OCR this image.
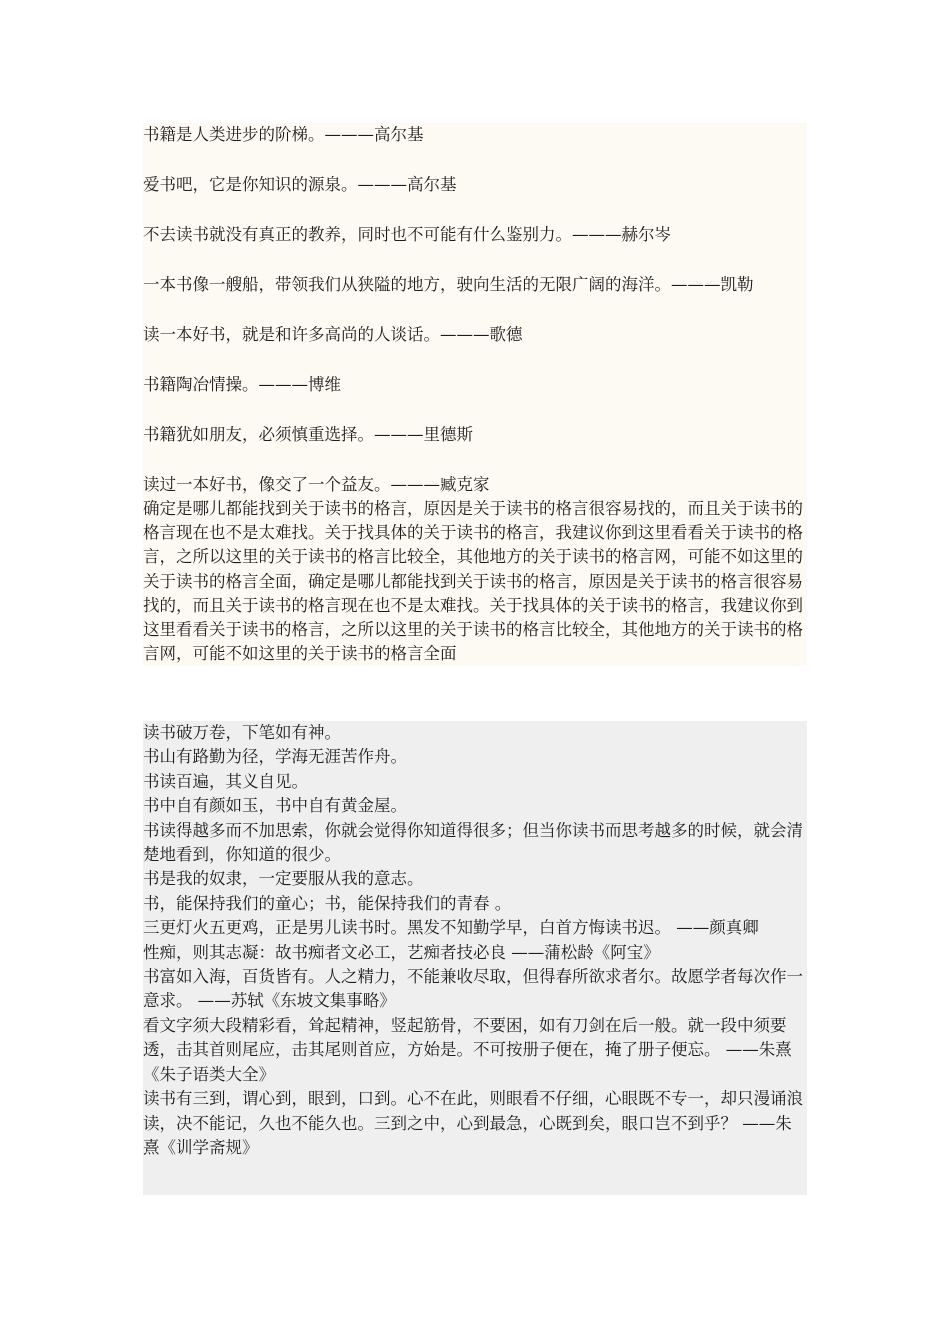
书籍是人类进步的阶梯。———高尔基

爱书吧，它是你知识的源泉。———高尔基

不去读书就没有真正的教养，同时也不可能有什么鉴别力。———赫尔岑

一本书像一艘船，带领我们从狭隘的地方，驶向生活的无限广阔的海洋。———凯勒

读一本好书，就是和许多高尚的人谈话。———歌德

书籍陶冶情操。———博维

书籍犹如朋友，必须慎重选择。———里德斯

读过一本好书，像交了一个益友。———臧克家

确定是哪儿都能找到关于读书的格言，原因是关于读书的格言很容易找的，而且关于读书的格言现在也不是太难找。关于找具体的关于读书的格言，我建议你到这里看看关于读书的格言，之所以这里的关于读书的格言比较全，其他地方的关于读书的格言网，可能不如这里的关于读书的格言全面，确定是哪儿都能找到关于读书的格言，原因是关于读书的格言很容易找的，而且关于读书的格言现在也不是太难找。关于找具体的关于读书的格言，我建议你到这里看看关于读书的格言，之所以这里的关于读书的格言比较全，其他地方的关于读书的格言网，可能不如这里的关于读书的格言全面

读书破万卷，下笔如有神。

书山有路勤为径，学海无涯苦作舟。

书读百遍，其义自见。

书中自有颜如玉，书中自有黄金屋。

书读得越多而不加思索，你就会觉得你知道得很多；但当你读书而思考越多的时候，就会清楚地看到，你知道的很少。

书是我的奴隶，一定要服从我的意志。

书，能保持我们的童心；书，能保持我们的青春 。

三更灯火五更鸡，正是男儿读书时。黑发不知勤学早，白首方悔读书迟。 ——颜真卿

性痴，则其志凝：故书痴者文必工，艺痴者技必良 ——蒲松龄《阿宝》

书富如入海，百货皆有。人之精力，不能兼收尽取，但得春所欲求者尔。故愿学者每次作一意求。 ——苏轼《东坡文集事略》

看文字须大段精彩看，耸起精神，竖起筋骨，不要困，如有刀剑在后一般。就一段中须要透，击其首则尾应，击其尾则首应，方始是。不可按册子便在，掩了册子便忘。 ——朱熹《朱子语类大全》

读书有三到，谓心到，眼到，口到。心不在此，则眼看不仔细，心眼既不专一，却只漫诵浪读，决不能记，久也不能久也。三到之中，心到最急，心既到矣，眼口岂不到乎？ ——朱熹《训学斋规》
